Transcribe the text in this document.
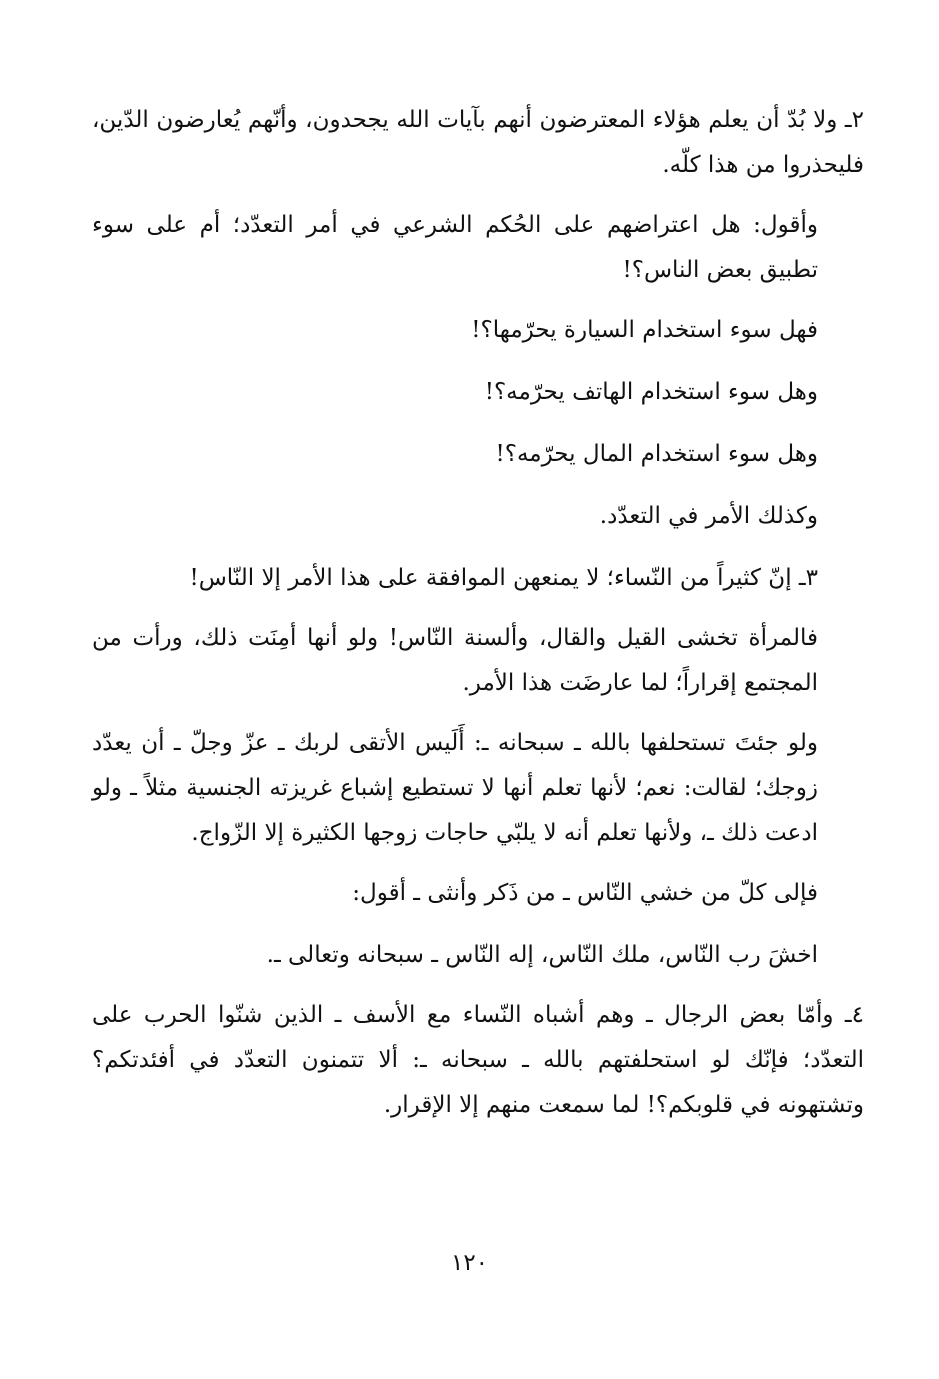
٢ـ ولا بُدّ أن يعلم هؤلاء المعترضون أنهم بآيات الله يجحدون، وأنّهم يُعارضون الدّين، فليحذروا من هذا كلّه.

وأقول: هل اعتراضهم على الحُكم الشرعي في أمر التعدّد؛ أم على سوء تطبيق بعض الناس؟!

فهل سوء استخدام السيارة يحرّمها؟!

وهل سوء استخدام الهاتف يحرّمه؟!

وهل سوء استخدام المال يحرّمه؟!

وكذلك الأمر في التعدّد.

٣ـ إنّ كثيراً من النّساء؛ لا يمنعهن الموافقة على هذا الأمر إلا النّاس!

فالمرأة تخشى القيل والقال، وألسنة النّاس! ولو أنها أمِنَت ذلك، ورأت من المجتمع إقراراً؛ لما عارضَت هذا الأمر.

ولو جئتَ تستحلفها بالله ـ سبحانه ـ: أَلَيس الأتقى لربك ـ عزّ وجلّ ـ أن يعدّد زوجك؛ لقالت: نعم؛ لأنها تعلم أنها لا تستطيع إشباع غريزته الجنسية مثلاً ـ ولو ادعت ذلك ـ، ولأنها تعلم أنه لا يلبّي حاجات زوجها الكثيرة إلا الزّواج.

فإلى كلّ من خشي النّاس ـ من ذَكر وأنثى ـ أقول:

اخشَ رب النّاس، ملك النّاس، إله النّاس ـ سبحانه وتعالى ـ.

٤ـ وأمّا بعض الرجال ـ وهم أشباه النّساء مع الأسف ـ الذين شنّوا الحرب على التعدّد؛ فإنّك لو استحلفتهم بالله ـ سبحانه ـ: ألا تتمنون التعدّد في أفئدتكم؟ وتشتهونه في قلوبكم؟! لما سمعت منهم إلا الإقرار.

١٢٠
